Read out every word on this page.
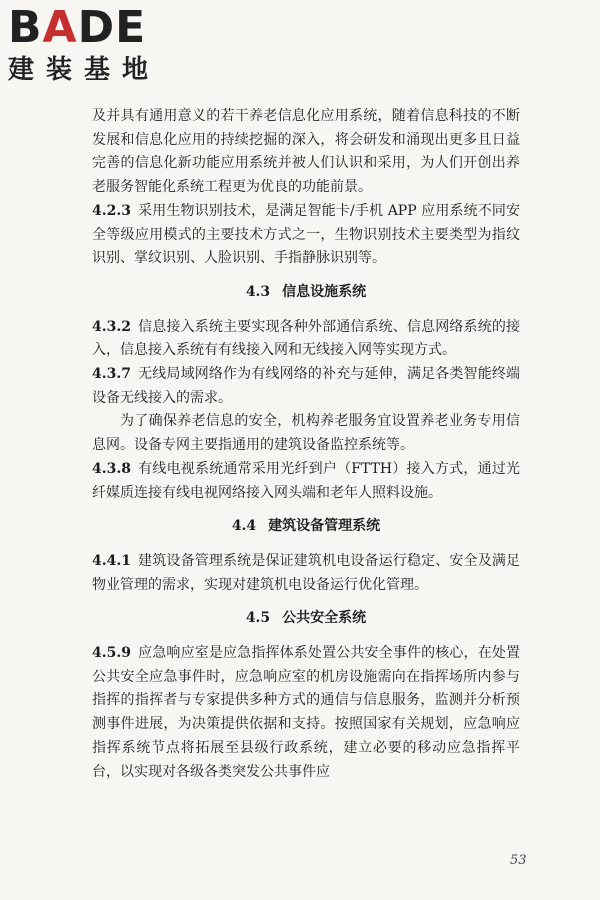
BADE
建装基地

及并具有通用意义的若干养老信息化应用系统，随着信息科技的不断发展和信息化应用的持续挖掘的深入，将会研发和涌现出更多且日益完善的信息化新功能应用系统并被人们认识和采用，为人们开创出养老服务智能化系统工程更为优良的功能前景。

4.2.3 采用生物识别技术，是满足智能卡/手机 APP 应用系统不同安全等级应用模式的主要技术方式之一，生物识别技术主要类型为指纹识别、掌纹识别、人脸识别、手指静脉识别等。

4.3 信息设施系统

4.3.2 信息接入系统主要实现各种外部通信系统、信息网络系统的接入，信息接入系统有有线接入网和无线接入网等实现方式。

4.3.7 无线局域网络作为有线网络的补充与延伸，满足各类智能终端设备无线接入的需求。

为了确保养老信息的安全，机构养老服务宜设置养老业务专用信息网。设备专网主要指通用的建筑设备监控系统等。

4.3.8 有线电视系统通常采用光纤到户（FTTH）接入方式，通过光纤媒质连接有线电视网络接入网头端和老年人照料设施。

4.4 建筑设备管理系统

4.4.1 建筑设备管理系统是保证建筑机电设备运行稳定、安全及满足物业管理的需求，实现对建筑机电设备运行优化管理。

4.5 公共安全系统

4.5.9 应急响应室是应急指挥体系处置公共安全事件的核心，在处置公共安全应急事件时，应急响应室的机房设施需向在指挥场所内参与指挥的指挥者与专家提供多种方式的通信与信息服务，监测并分析预测事件进展，为决策提供依据和支持。按照国家有关规划，应急响应指挥系统节点将拓展至县级行政系统，建立必要的移动应急指挥平台，以实现对各级各类突发公共事件应

53
